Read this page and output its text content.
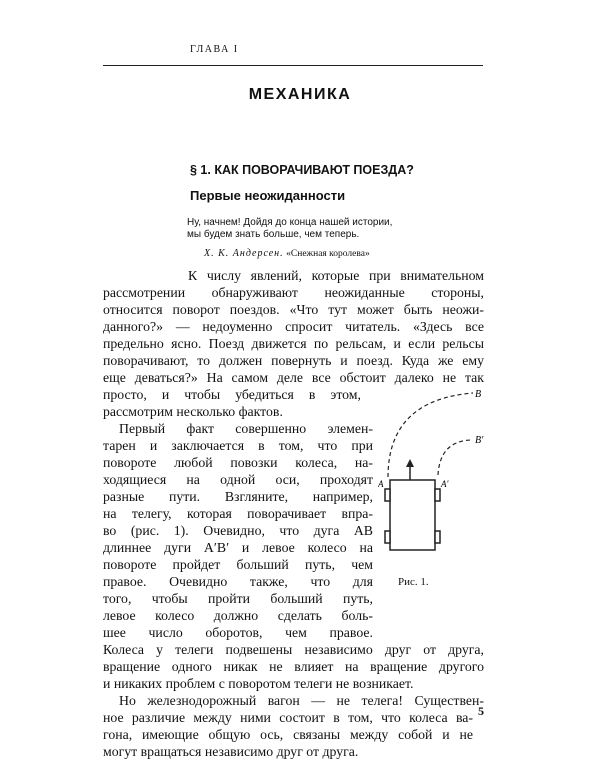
ГЛАВА I
МЕХАНИКА
§ 1. КАК ПОВОРАЧИВАЮТ ПОЕЗДА?
Первые неожиданности
Ну, начнем! Дойдя до конца нашей истории,
мы будем знать больше, чем теперь.
Х. К. Андерсен. «Снежная королева»
К числу явлений, которые при внимательном
рассмотрении обнаруживают неожиданные стороны,
относится поворот поездов. «Что тут может быть неожи-
данного?» — недоуменно спросит читатель. «Здесь все
предельно ясно. Поезд движется по рельсам, и если рельсы
поворачивают, то должен повернуть и поезд. Куда же ему
еще деваться?» На самом деле все обстоит далеко не так
просто, и чтобы убедиться в этом,
рассмотрим несколько фактов.
Первый факт совершенно элемен-
тарен и заключается в том, что при
повороте любой повозки колеса, на-
ходящиеся на одной оси, проходят
разные пути. Взгляните, например,
на телегу, которая поворачивает впра-
во (рис. 1). Очевидно, что дуга AB
длиннее дуги A′B′ и левое колесо на
повороте пройдет больший путь, чем
правое. Очевидно также, что для
того, чтобы пройти больший путь,
левое колесо должно сделать боль-
шее число оборотов, чем правое.
Колеса у телеги подвешены независимо друг от друга,
вращение одного никак не влияет на вращение другого
и никаких проблем с поворотом телеги не возникает.
Но железнодорожный вагон — не телега! Существен-
ное различие между ними состоит в том, что колеса ва-
гона, имеющие общую ось, связаны между собой и не
могут вращаться независимо друг от друга.
B
B′
A	A′
Рис. 1.
5
